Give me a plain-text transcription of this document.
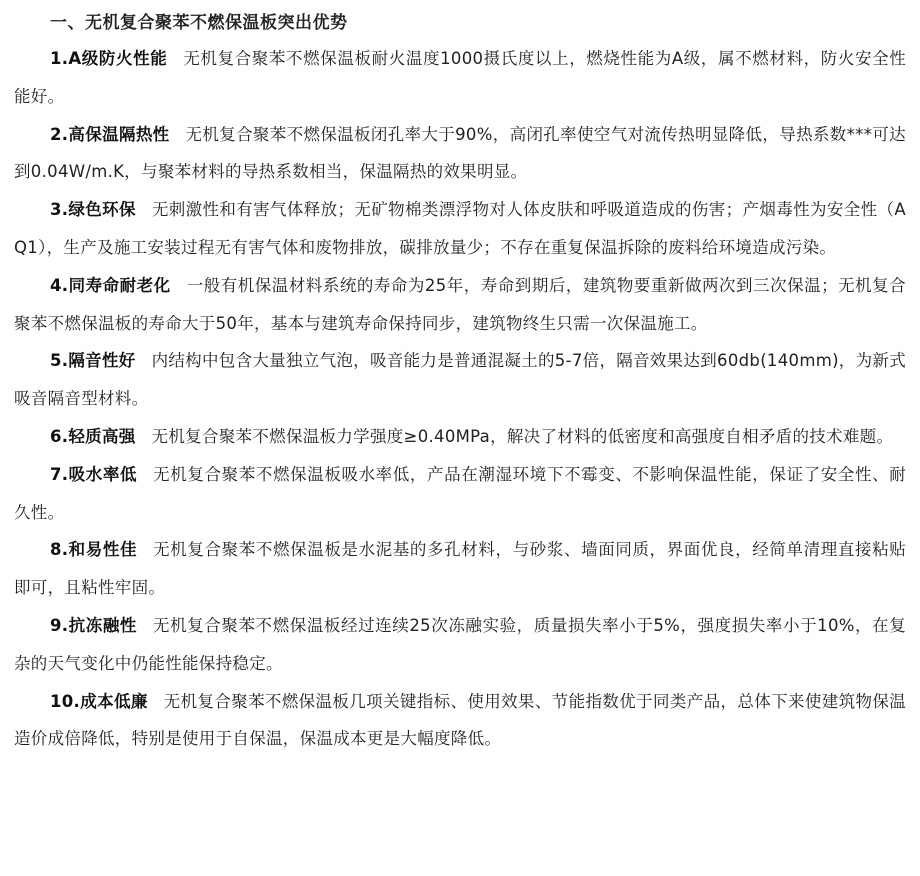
一、无机复合聚苯不燃保温板突出优势

1.A级防火性能 无机复合聚苯不燃保温板耐火温度1000摄氏度以上，燃烧性能为A级，属不燃材料，防火安全性能好。

2.高保温隔热性 无机复合聚苯不燃保温板闭孔率大于90%，高闭孔率使空气对流传热明显降低，导热系数***可达到0.04W/m.K，与聚苯材料的导热系数相当，保温隔热的效果明显。

3.绿色环保 无刺激性和有害气体释放；无矿物棉类漂浮物对人体皮肤和呼吸道造成的伤害；产烟毒性为安全性（AQ1），生产及施工安装过程无有害气体和废物排放，碳排放量少；不存在重复保温拆除的废料给环境造成污染。

4.同寿命耐老化 一般有机保温材料系统的寿命为25年，寿命到期后，建筑物要重新做两次到三次保温；无机复合聚苯不燃保温板的寿命大于50年，基本与建筑寿命保持同步，建筑物终生只需一次保温施工。

5.隔音性好 内结构中包含大量独立气泡，吸音能力是普通混凝土的5-7倍，隔音效果达到60db(140mm)，为新式吸音隔音型材料。

6.轻质高强 无机复合聚苯不燃保温板力学强度≥0.40MPa，解决了材料的低密度和高强度自相矛盾的技术难题。

7.吸水率低 无机复合聚苯不燃保温板吸水率低，产品在潮湿环境下不霉变、不影响保温性能，保证了安全性、耐久性。

8.和易性佳 无机复合聚苯不燃保温板是水泥基的多孔材料，与砂浆、墙面同质，界面优良，经简单清理直接粘贴即可，且粘性牢固。

9.抗冻融性 无机复合聚苯不燃保温板经过连续25次冻融实验，质量损失率小于5%，强度损失率小于10%，在复杂的天气变化中仍能性能保持稳定。

10.成本低廉 无机复合聚苯不燃保温板几项关键指标、使用效果、节能指数优于同类产品，总体下来使建筑物保温造价成倍降低，特别是使用于自保温，保温成本更是大幅度降低。
